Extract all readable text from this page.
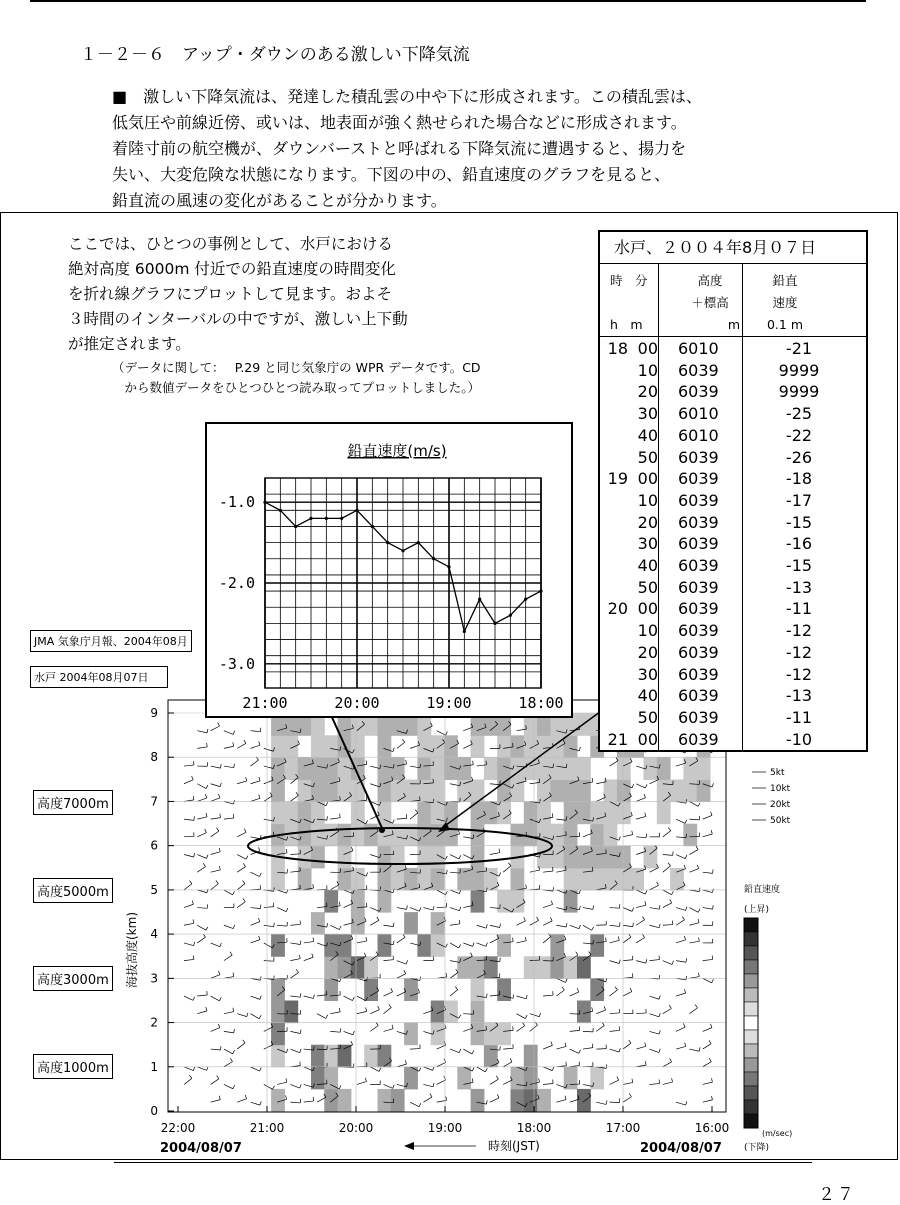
１－２－６　アップ・ダウンのある激しい下降気流
■　激しい下降気流は、発達した積乱雲の中や下に形成されます。この積乱雲は、
低気圧や前線近傍、或いは、地表面が強く熱せられた場合などに形成されます。
着陸寸前の航空機が、ダウンバーストと呼ばれる下降気流に遭遇すると、揚力を
失い、大変危険な状態になります。下図の中の、鉛直速度のグラフを見ると、
鉛直流の風速の変化があることが分かります。
0
1
2
3
4
5
6
7
8
9
22:00	21:00	20:00	19:00	18:00	17:00	16:00
海抜高度(km)
2004/08/07	2004/08/07
時刻(JST)
5kt
10kt
20kt
50kt
鉛直速度
(上昇)
(m/sec)
(下降)
JMA 気象庁月報、2004年08月
水戸 2004年08月07日
高度7000m
高度5000m
高度3000m
高度1000m
ここでは、ひとつの事例として、水戸における
絶対高度 6000m 付近での鉛直速度の時間変化
を折れ線グラフにプロットして見ます。およそ
３時間のインターバルの中ですが、激しい上下動
が推定されます。
（データに関して：　 P.29 と同じ気象庁の WPR データです。CD
　から数値データをひとつひとつ読み取ってプロットしました。）
鉛直速度(m/s)
-3.0
-2.0
-1.0
21:00	20:00	19:00	18:00
水戸、２００４年8月０７日
時　分
h　m
高度
＋標高
m
鉛直
速度
0.1 m
18 00 6010	-21
10 6039	9999
20 6039	9999
30 6010	-25
40 6010	-22
50 6039	-26
19 00 6039	-18
10 6039	-17
20 6039	-15
30 6039	-16
40 6039	-15
50 6039	-13
20 00 6039	-11
10 6039	-12
20 6039	-12
30 6039	-12
40 6039	-13
50 6039	-11
21 00 6039	-10
２７
